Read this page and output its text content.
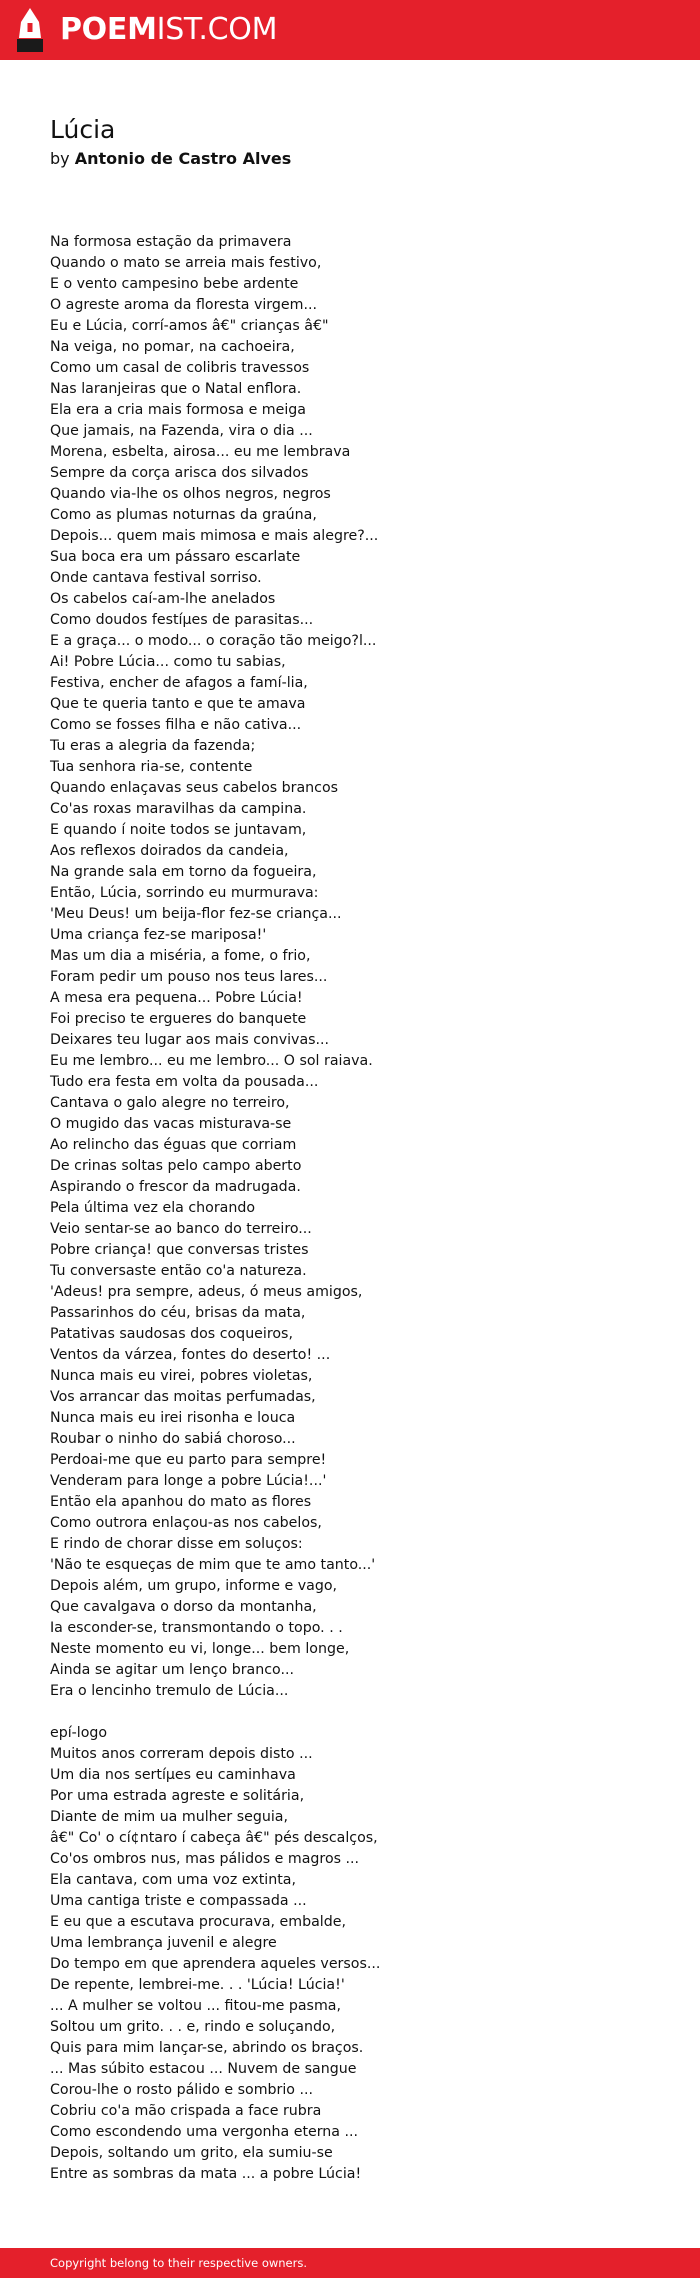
POEMIST.COM
Lúcia

by Antonio de Castro Alves

Na formosa estação da primavera
Quando o mato se arreia mais festivo,
E o vento campesino bebe ardente
O agreste aroma da floresta virgem...
Eu e Lúcia, corrí-amos â€" crianças â€"
Na veiga, no pomar, na cachoeira,
Como um casal de colibris travessos
Nas laranjeiras que o Natal enflora.
Ela era a cria mais formosa e meiga
Que jamais, na Fazenda, vira o dia ...
Morena, esbelta, airosa... eu me lembrava
Sempre da corça arisca dos silvados
Quando via-lhe os olhos negros, negros
Como as plumas noturnas da graúna,
Depois... quem mais mimosa e mais alegre?...
Sua boca era um pássaro escarlate
Onde cantava festival sorriso.
Os cabelos caí-am-lhe anelados
Como doudos festíµes de parasitas...
E a graça... o modo... o coração tão meigo?l...
Ai! Pobre Lúcia... como tu sabias,
Festiva, encher de afagos a famí-lia,
Que te queria tanto e que te amava
Como se fosses filha e não cativa...
Tu eras a alegria da fazenda;
Tua senhora ria-se, contente
Quando enlaçavas seus cabelos brancos
Co'as roxas maravilhas da campina.
E quando í noite todos se juntavam,
Aos reflexos doirados da candeia,
Na grande sala em torno da fogueira,
Então, Lúcia, sorrindo eu murmurava:
'Meu Deus! um beija-flor fez-se criança...
Uma criança fez-se mariposa!'
Mas um dia a miséria, a fome, o frio,
Foram pedir um pouso nos teus lares...
A mesa era pequena... Pobre Lúcia!
Foi preciso te ergueres do banquete
Deixares teu lugar aos mais convivas...
Eu me lembro... eu me lembro... O sol raiava.
Tudo era festa em volta da pousada...
Cantava o galo alegre no terreiro,
O mugido das vacas misturava-se
Ao relincho das éguas que corriam
De crinas soltas pelo campo aberto
Aspirando o frescor da madrugada.
Pela última vez ela chorando
Veio sentar-se ao banco do terreiro...
Pobre criança! que conversas tristes
Tu conversaste então co'a natureza.
'Adeus! pra sempre, adeus, ó meus amigos,
Passarinhos do céu, brisas da mata,
Patativas saudosas dos coqueiros,
Ventos da várzea, fontes do deserto! ...
Nunca mais eu virei, pobres violetas,
Vos arrancar das moitas perfumadas,
Nunca mais eu irei risonha e louca
Roubar o ninho do sabiá choroso...
Perdoai-me que eu parto para sempre!
Venderam para longe a pobre Lúcia!...'
Então ela apanhou do mato as flores
Como outrora enlaçou-as nos cabelos,
E rindo de chorar disse em soluços:
'Não te esqueças de mim que te amo tanto...'
Depois além, um grupo, informe e vago,
Que cavalgava o dorso da montanha,
Ia esconder-se, transmontando o topo. . .
Neste momento eu vi, longe... bem longe,
Ainda se agitar um lenço branco...
Era o lencinho tremulo de Lúcia...
epí-logo
Muitos anos correram depois disto ...
Um dia nos sertíµes eu caminhava
Por uma estrada agreste e solitária,
Diante de mim ua mulher seguia,
â€" Co' o cí¢ntaro í cabeça â€" pés descalços,
Co'os ombros nus, mas pálidos e magros ...
Ela cantava, com uma voz extinta,
Uma cantiga triste e compassada ...
E eu que a escutava procurava, embalde,
Uma lembrança juvenil e alegre
Do tempo em que aprendera aqueles versos...
De repente, lembrei-me. . . 'Lúcia! Lúcia!'
... A mulher se voltou ... fitou-me pasma,
Soltou um grito. . . e, rindo e soluçando,
Quis para mim lançar-se, abrindo os braços.
... Mas súbito estacou ... Nuvem de sangue
Corou-lhe o rosto pálido e sombrio ...
Cobriu co'a mão crispada a face rubra
Como escondendo uma vergonha eterna ...
Depois, soltando um grito, ela sumiu-se
Entre as sombras da mata ... a pobre Lúcia!
Copyright belong to their respective owners.
